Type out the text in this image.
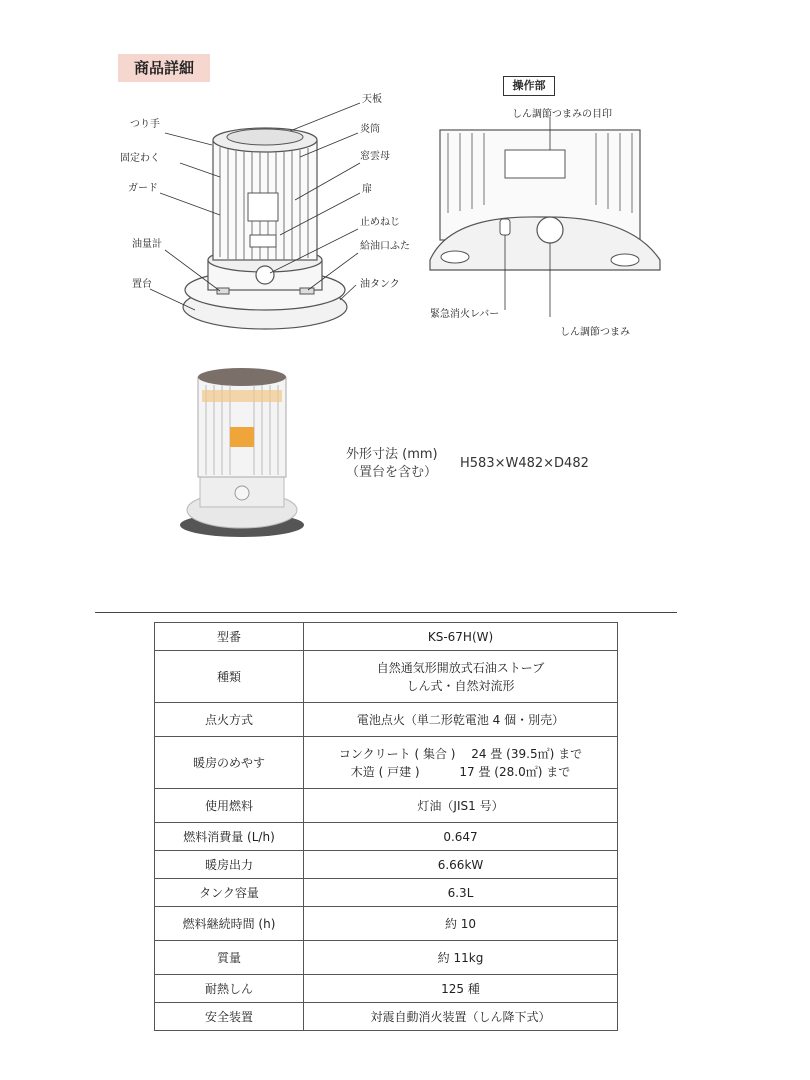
商品詳細
つり手
天板
炎筒
固定わく	窓雲母
ガード	扉
止めねじ
油量計	給油口ふた
置台	油タンク
しん調節つまみの目印
緊急消火レバー
しん調節つまみ
操作部
外形寸法 (mm)
（置台を含む）
H583×W482×D482
型番	KS-67H(W)

種類	自然通気形開放式石油ストーブ
しん式・自然対流形

点火方式	電池点火（単二形乾電池 4 個・別売）

暖房のめやす	コンクリート ( 集合 )　 24 畳 (39.5㎡) まで
木造 ( 戸建 )　　　 17 畳 (28.0㎡) まで

使用燃料	灯油（JIS1 号）

燃料消費量 (L/h)	0.647

暖房出力	6.66kW

タンク容量	6.3L

燃料継続時間 (h)	約 10

質量	約 11kg

耐熱しん	125 種

安全装置	対震自動消火装置（しん降下式）
